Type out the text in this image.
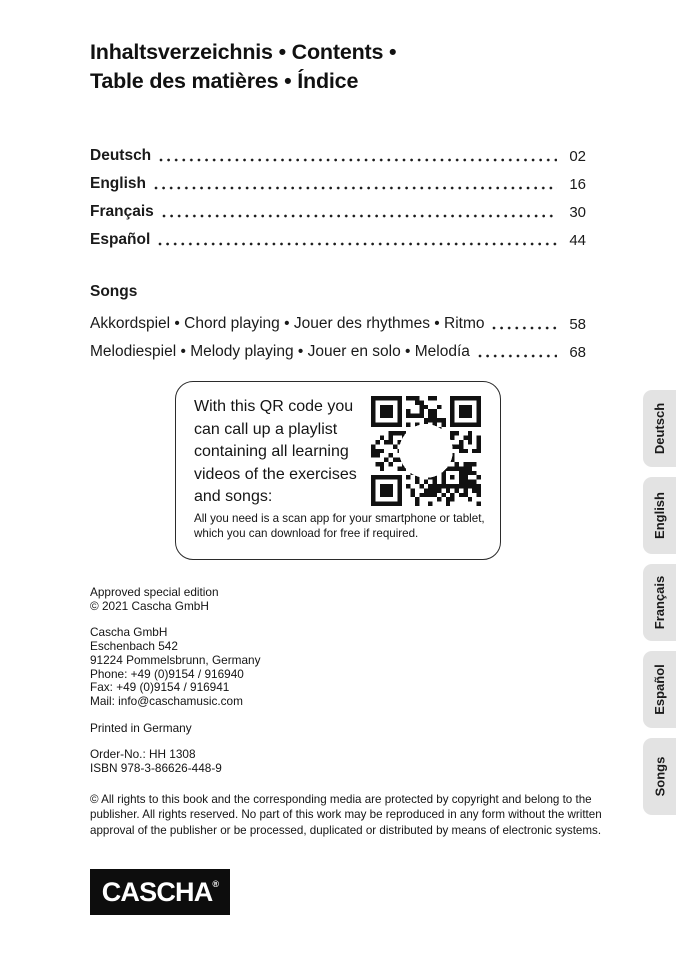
Inhaltsverzeichnis • Contents •
Table des matières • Índice
Deutsch	02
English	16
Français	30
Español	44
Songs
Akkordspiel • Chord playing • Jouer des rhythmes • Ritmo	58
Melodiespiel • Melody playing • Jouer en solo • Melodía	68

With this QR code you can call up a playlist containing all learning videos of the exercises and songs:

All you need is a scan app for your smartphone or tablet,
which you can download for free if required.

Approved special edition
© 2021 Cascha GmbH

Cascha GmbH
Eschenbach 542
91224 Pommelsbrunn, Germany
Phone: +49 (0)9154 / 916940
Fax: +49 (0)9154 / 916941
Mail: info@caschamusic.com

Printed in Germany

Order-No.: HH 1308
ISBN 978-3-86626-448-9

© All rights to this book and the corresponding media are protected by copyright and belong to the publisher. All rights reserved. No part of this work may be reproduced in any form without the written approval of the publisher or be processed, duplicated or distributed by means of electronic systems.
CASCHA®
Deutsch
English
Français
Español
Songs
